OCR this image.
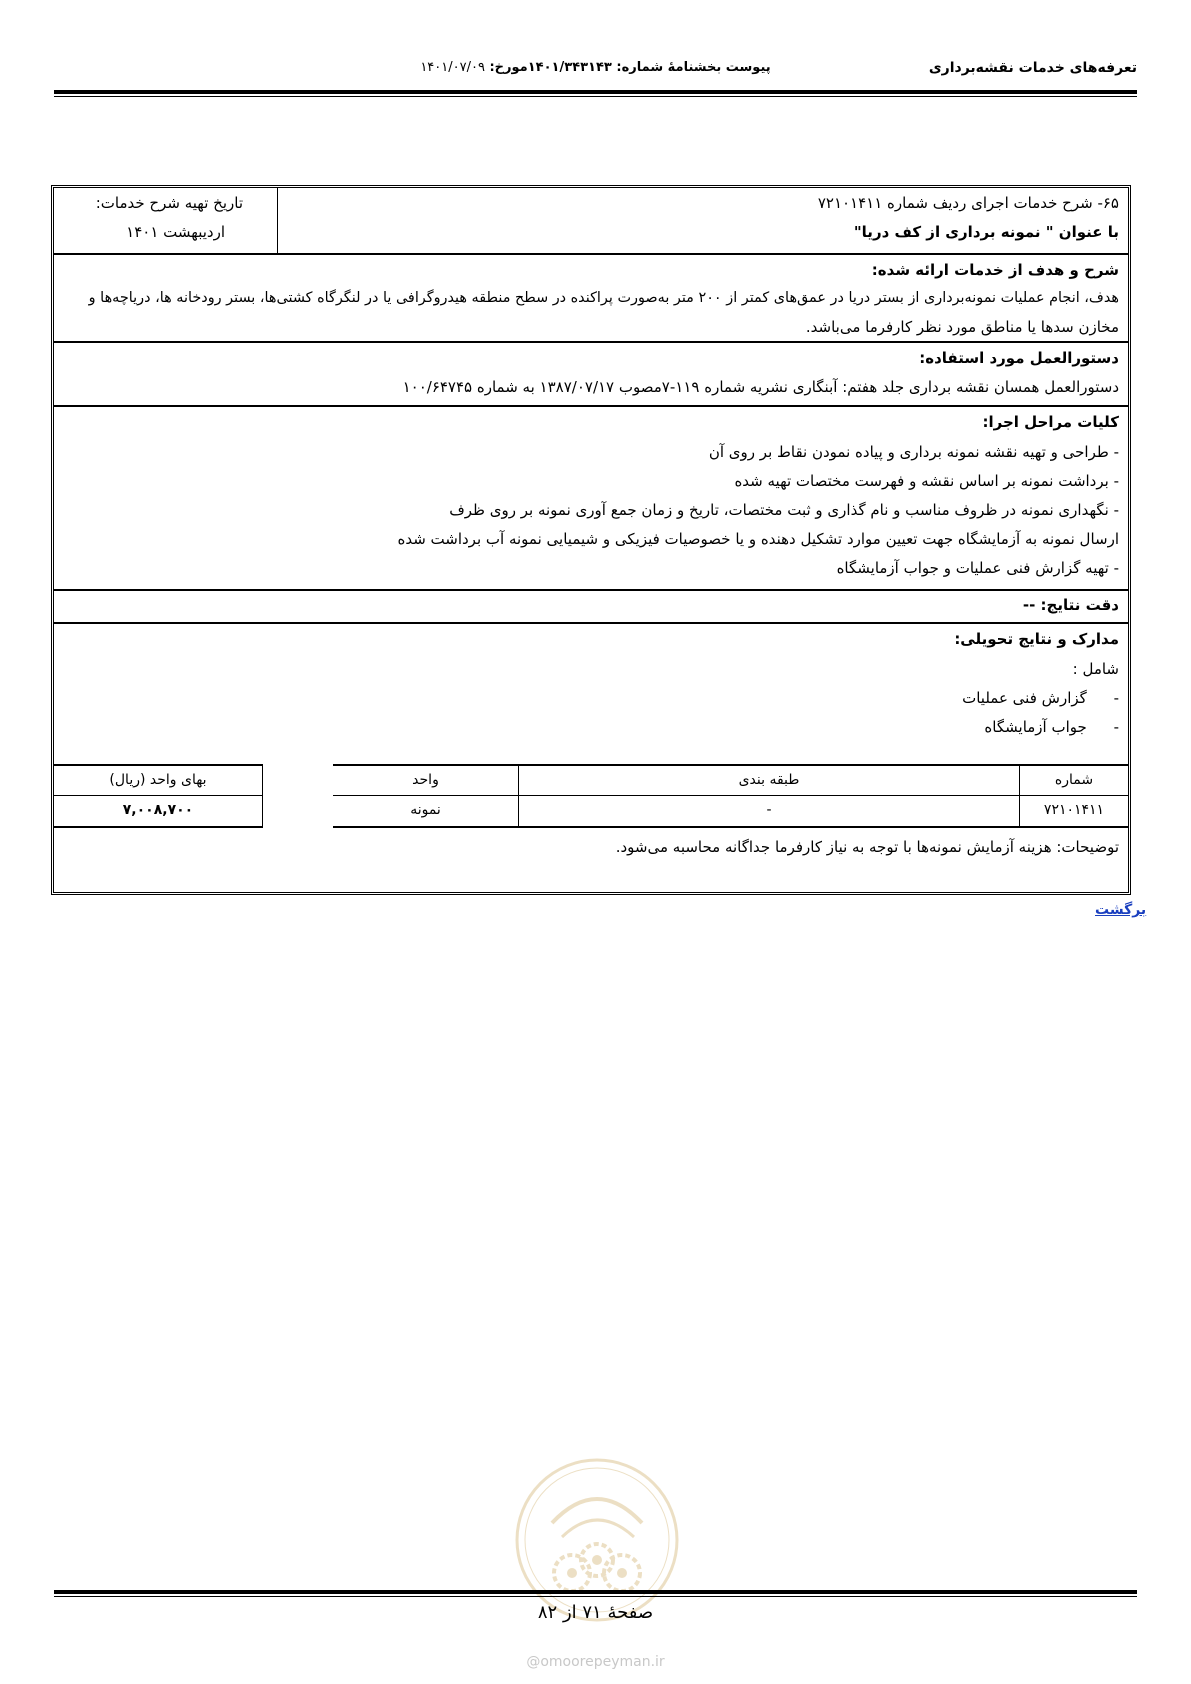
تعرفه‌های خدمات نقشه‌برداری
پیوست بخشنامهٔ شماره: ۱۴۰۱/۳۴۳۱۴۳مورخ: ۱۴۰۱/۰۷/۰۹
تاریخ تهیه شرح خدمات:
اردیبهشت ۱۴۰۱
۶۵- شرح خدمات اجرای ردیف شماره ۷۲۱۰۱۴۱۱
با عنوان " نمونه برداری از کف دریا"
شرح و هدف از خدمات ارائه شده:
هدف، انجام عملیات نمونه‌برداری از بستر دریا در عمق‌های کمتر از ۲۰۰ متر به‌صورت پراکنده در سطح منطقه هیدروگرافی یا در لنگرگاه کشتی‌ها، بستر رودخانه ها، دریاچه‌ها و
مخازن سدها یا مناطق مورد نظر کارفرما می‌باشد.
دستورالعمل مورد استفاده:
دستورالعمل همسان نقشه برداری جلد هفتم: آبنگاری نشریه شماره ۱۱۹-۷مصوب ۱۳۸۷/۰۷/۱۷ به شماره ۱۰۰/۶۴۷۴۵
کلیات مراحل اجرا:
- طراحی و تهیه نقشه نمونه برداری و پیاده نمودن نقاط بر روی آن
- برداشت نمونه بر اساس نقشه و فهرست مختصات تهیه شده
- نگهداری نمونه در ظروف مناسب و نام گذاری و ثبت مختصات، تاریخ و زمان جمع آوری نمونه بر روی ظرف
ارسال نمونه به آزمایشگاه جهت تعیین موارد تشکیل دهنده و یا خصوصیات فیزیکی و شیمیایی نمونه آب برداشت شده
- تهیه گزارش فنی عملیات و جواب آزمایشگاه
دقت نتایج: --
مدارک و نتایج تحویلی:
شامل :
- گزارش فنی عملیات
- جواب آزمایشگاه
شماره
طبقه بندی
واحد
بهای واحد (ریال)
۷۲۱۰۱۴۱۱
-
نمونه
۷,۰۰۸,۷۰۰
توضیحات: هزینه آزمایش نمونه‌ها با توجه به نیاز کارفرما جداگانه محاسبه می‌شود.
برگشت
صفحهٔ ۷۱ از ۸۲
@omoorepeyman.ir
